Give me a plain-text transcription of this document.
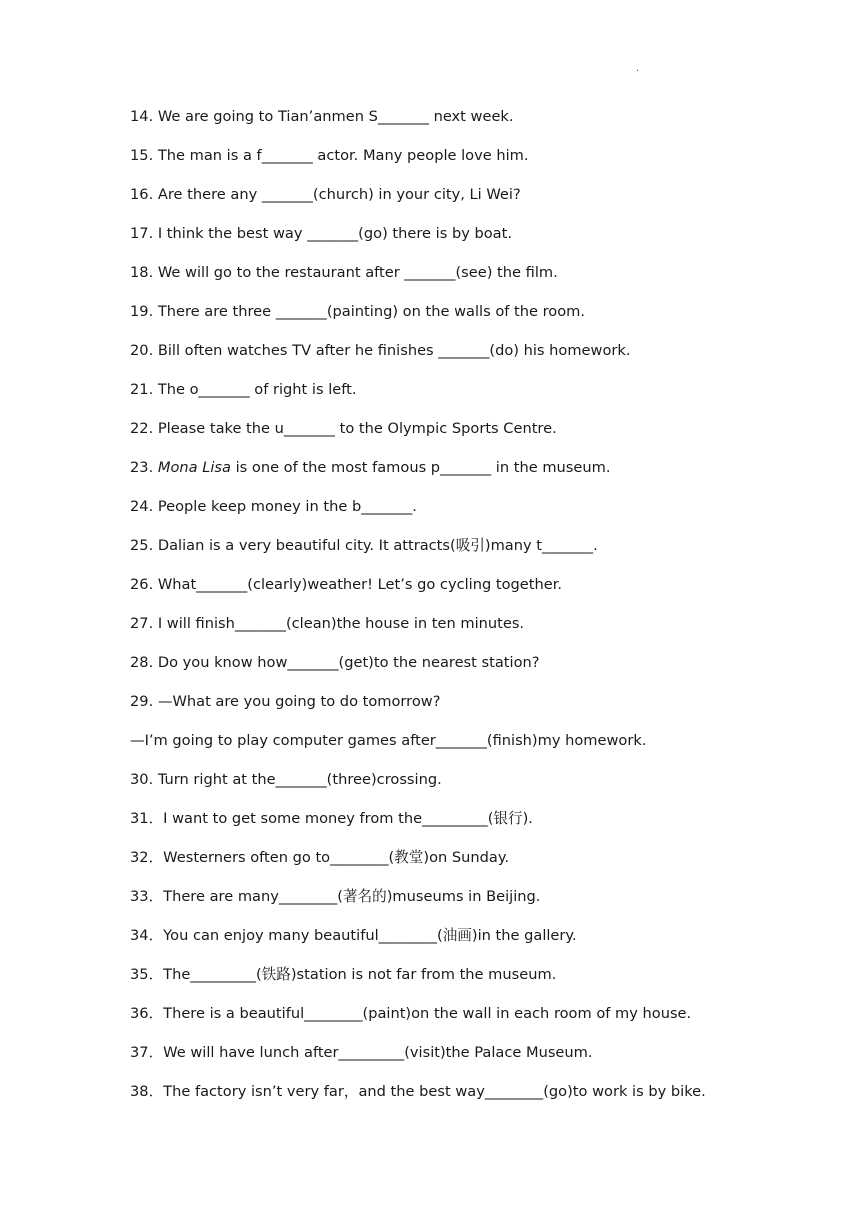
·
14. We are going to Tian’anmen S_______ next week.
15. The man is a f_______ actor. Many people love him.
16. Are there any _______(church) in your city, Li Wei?
17. I think the best way _______(go) there is by boat.
18. We will go to the restaurant after _______(see) the film.
19. There are three _______(painting) on the walls of the room.
20. Bill often watches TV after he finishes _______(do) his homework.
21. The o_______ of right is left.
22. Please take the u_______ to the Olympic Sports Centre.
23. Mona Lisa is one of the most famous p_______ in the museum.
24. People keep money in the b_______.
25. Dalian is a very beautiful city. It attracts(吸引)many t_______.
26. What_______(clearly)weather! Let’s go cycling together.
27. I will finish_______(clean)the house in ten minutes.
28. Do you know how_______(get)to the nearest station?
29. —What are you going to do tomorrow?
—I’m going to play computer games after_______(finish)my homework.
30. Turn right at the_______(three)crossing.
31．I want to get some money from the_________(银行).
32．Westerners often go to________(教堂)on Sunday.
33．There are many________(著名的)museums in Beijing.
34．You can enjoy many beautiful________(油画)in the gallery.
35．The_________(铁路)station is not far from the museum.
36．There is a beautiful________(paint)on the wall in each room of my house.
37．We will have lunch after_________(visit)the Palace Museum.
38．The factory isn’t very far，and the best way________(go)to work is by bike.
